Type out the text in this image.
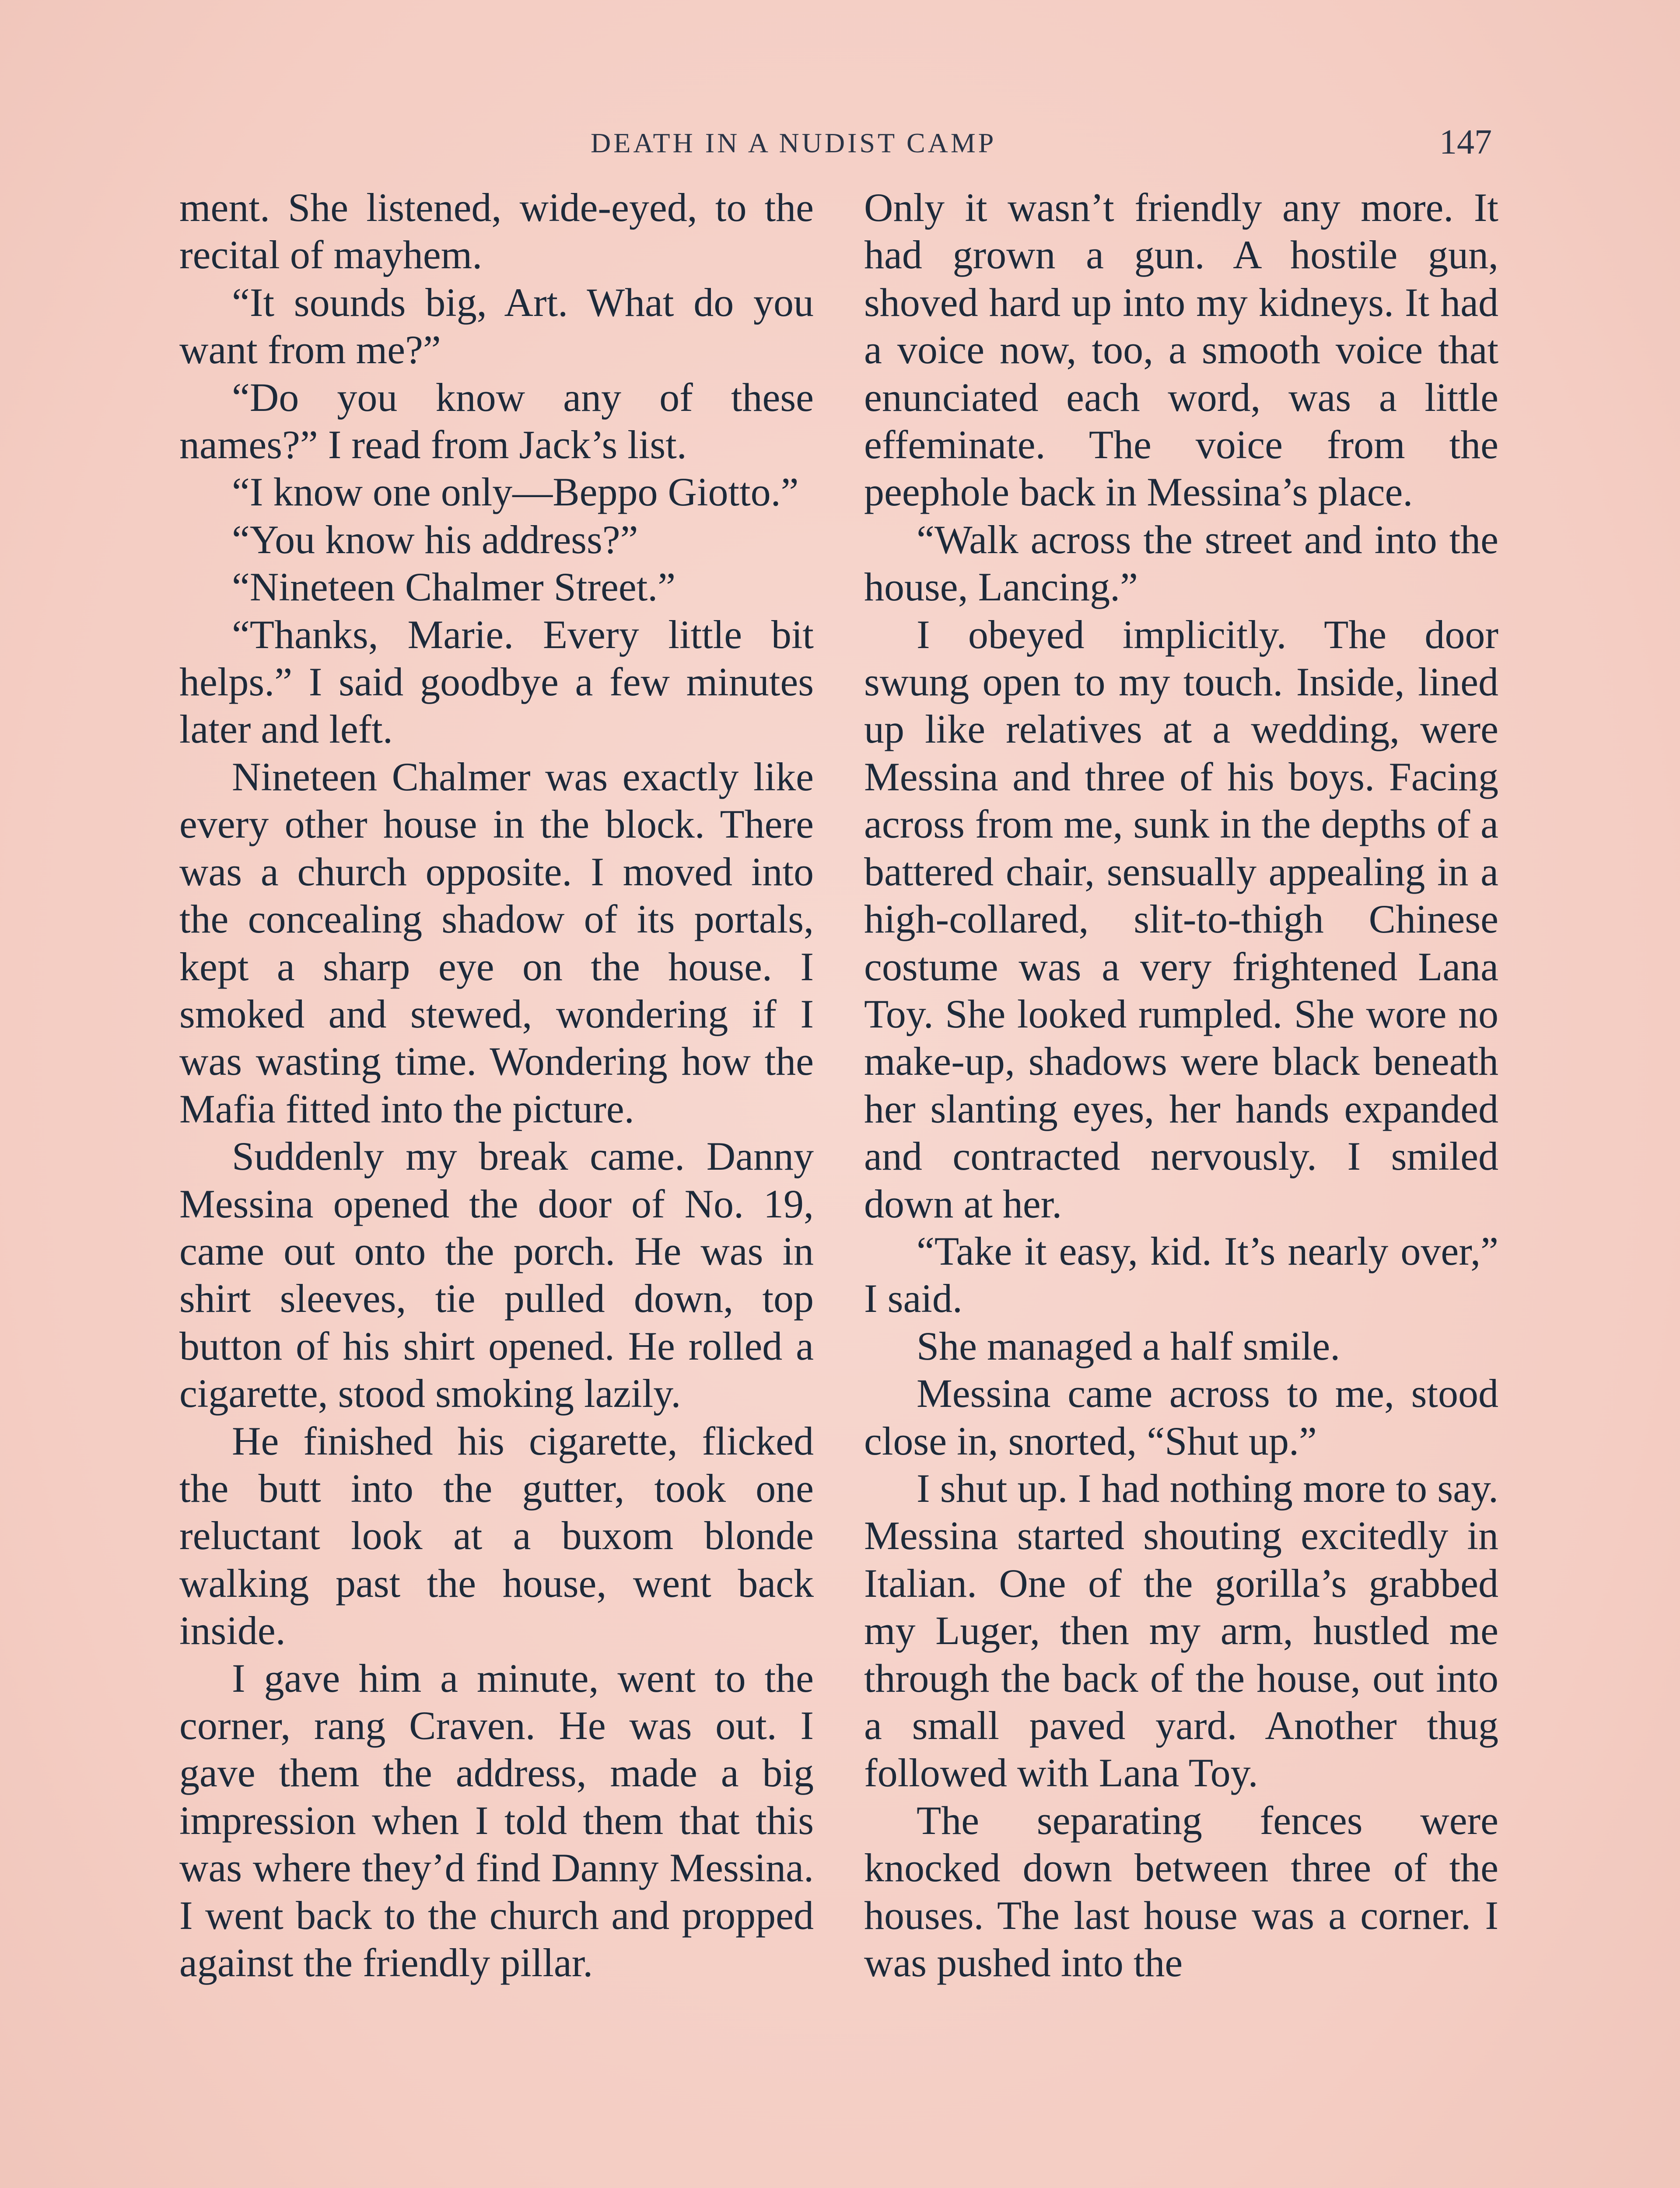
DEATH IN A NUDIST CAMP	147

ment. She listened, wide-eyed, to the recital of mayhem.

“It sounds big, Art. What do you want from me?”

“Do you know any of these names?” I read from Jack’s list.

“I know one only—Beppo Giotto.”

“You know his address?”

“Nineteen Chalmer Street.”

“Thanks, Marie. Every little bit helps.” I said goodbye a few minutes later and left.

Nineteen Chalmer was exactly like every other house in the block. There was a church opposite. I moved into the concealing shadow of its portals, kept a sharp eye on the house. I smoked and stewed, wondering if I was wasting time. Wondering how the Mafia fitted into the picture.

Suddenly my break came. Danny Messina opened the door of No. 19, came out onto the porch. He was in shirt sleeves, tie pulled down, top button of his shirt opened. He rolled a cigarette, stood smoking lazily.

He finished his cigarette, flicked the butt into the gutter, took one reluctant look at a buxom blonde walking past the house, went back inside.

I gave him a minute, went to the corner, rang Craven. He was out. I gave them the address, made a big impression when I told them that this was where they’d find Danny Messina. I went back to the church and propped against the friendly pillar.

Only it wasn’t friendly any more. It had grown a gun. A hostile gun, shoved hard up into my kidneys. It had a voice now, too, a smooth voice that enunciated each word, was a little effeminate. The voice from the peephole back in Messina’s place.

“Walk across the street and into the house, Lancing.”

I obeyed implicitly. The door swung open to my touch. Inside, lined up like relatives at a wedding, were Messina and three of his boys. Facing across from me, sunk in the depths of a battered chair, sensually appealing in a high-collared, slit-to-thigh Chinese costume was a very frightened Lana Toy. She looked rumpled. She wore no make-up, shadows were black beneath her slanting eyes, her hands expanded and contracted nervously. I smiled down at her.

“Take it easy, kid. It’s nearly over,” I said.

She managed a half smile.

Messina came across to me, stood close in, snorted, “Shut up.”

I shut up. I had nothing more to say. Messina started shouting excitedly in Italian. One of the gorilla’s grabbed my Luger, then my arm, hustled me through the back of the house, out into a small paved yard. Another thug followed with Lana Toy.

The separating fences were knocked down between three of the houses. The last house was a corner. I was pushed into the
